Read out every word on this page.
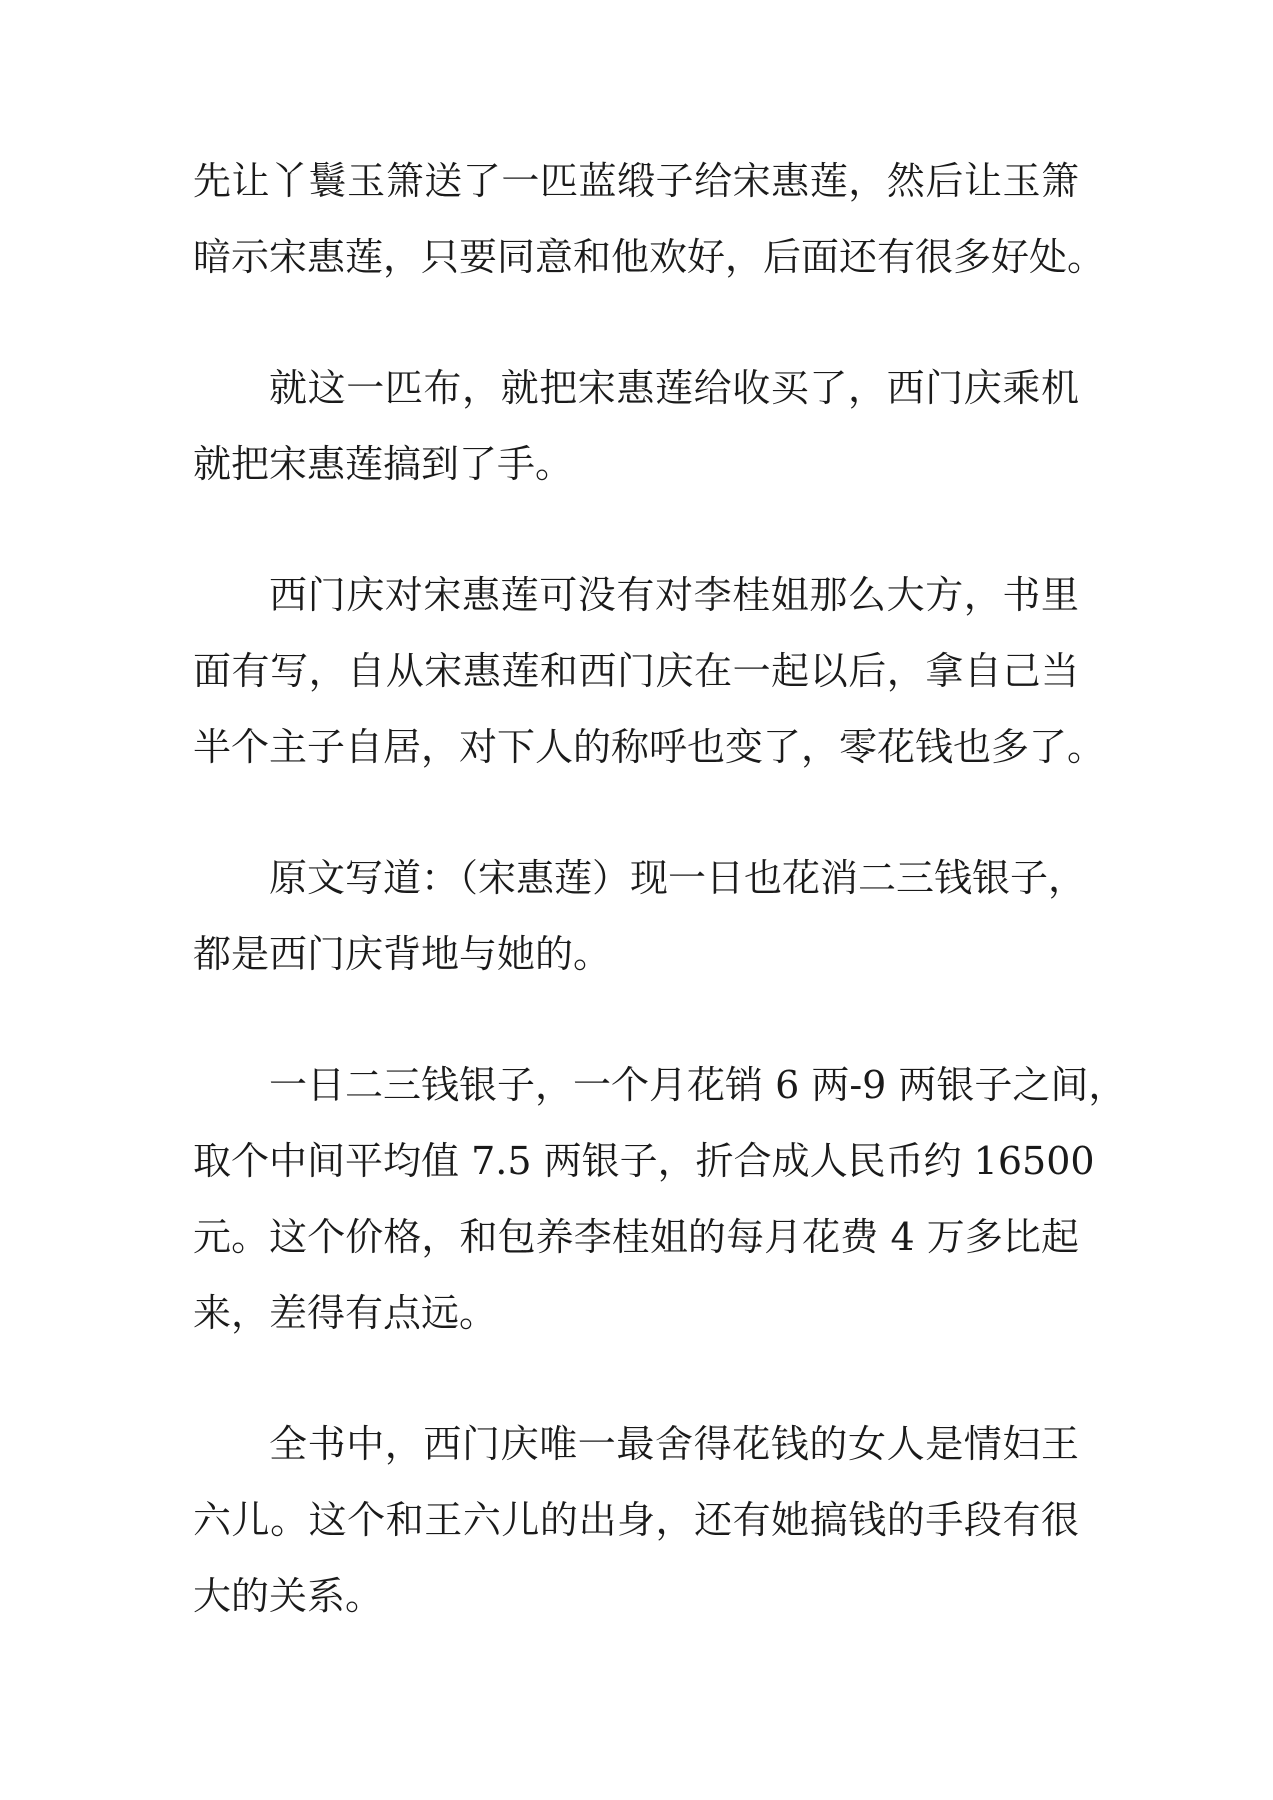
先让丫鬟玉箫送了一匹蓝缎子给宋惠莲，然后让玉箫
暗示宋惠莲，只要同意和他欢好，后面还有很多好处。

就这一匹布，就把宋惠莲给收买了，西门庆乘机
就把宋惠莲搞到了手。

西门庆对宋惠莲可没有对李桂姐那么大方，书里
面有写，自从宋惠莲和西门庆在一起以后，拿自己当
半个主子自居，对下人的称呼也变了，零花钱也多了。

原文写道：（宋惠莲）现一日也花消二三钱银子，
都是西门庆背地与她的。

一日二三钱银子，一个月花销 6 两-9 两银子之间，
取个中间平均值 7.5 两银子，折合成人民币约 16500
元。这个价格，和包养李桂姐的每月花费 4 万多比起
来，差得有点远。

全书中，西门庆唯一最舍得花钱的女人是情妇王
六儿。这个和王六儿的出身，还有她搞钱的手段有很
大的关系。
